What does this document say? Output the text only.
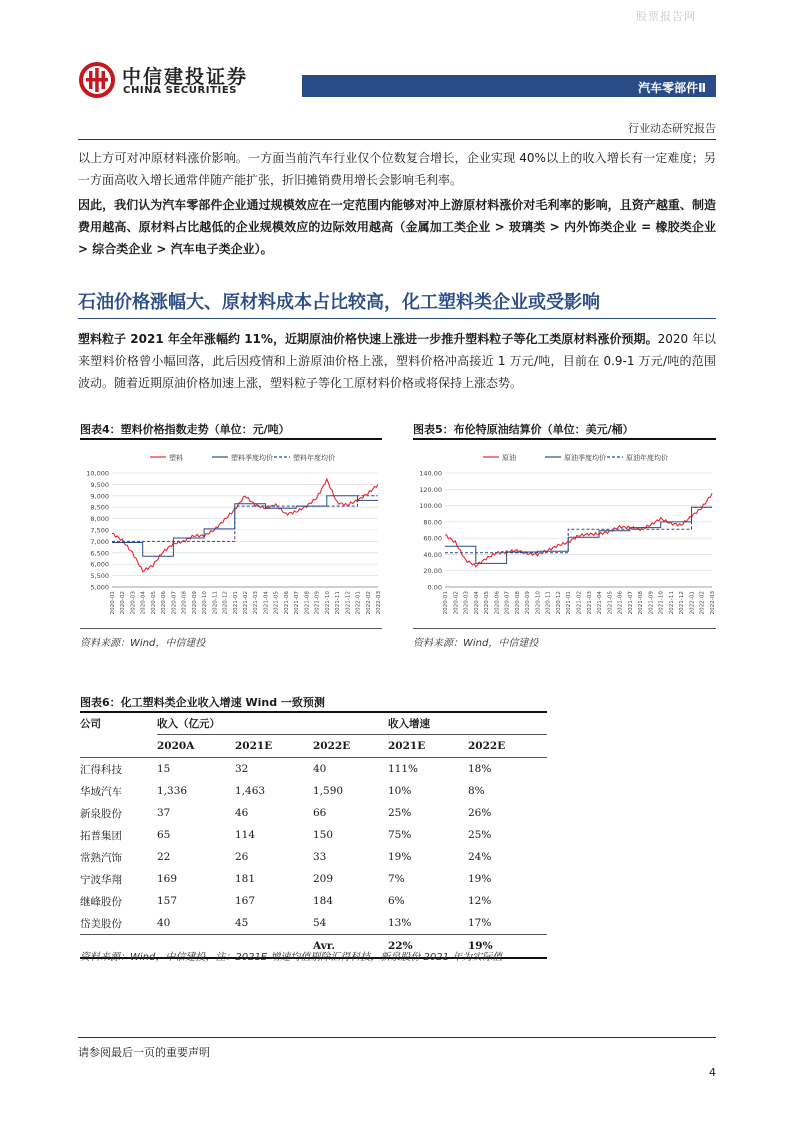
股票报告网
中信建投证券
CHINA SECURITIES	汽车零部件Ⅱ
行业动态研究报告
以上方可对冲原材料涨价影响。一方面当前汽车行业仅个位数复合增长，企业实现 40%以上的收入增长有一定难度；另一方面高收入增长通常伴随产能扩张，折旧摊销费用增长会影响毛利率。
因此，我们认为汽车零部件企业通过规模效应在一定范围内能够对冲上游原材料涨价对毛利率的影响，且资产越重、制造费用越高、原材料占比越低的企业规模效应的边际效用越高（金属加工类企业 > 玻璃类 > 内外饰类企业 = 橡胶类企业 > 综合类企业 > 汽车电子类企业）。
石油价格涨幅大、原材料成本占比较高，化工塑料类企业或受影响
塑料粒子 2021 年全年涨幅约 11%，近期原油价格快速上涨进一步推升塑料粒子等化工类原材料涨价预期。2020 年以来塑料价格曾小幅回落，此后因疫情和上游原油价格上涨，塑料价格冲高接近 1 万元/吨，目前在 0.9-1 万元/吨的范围波动。随着近期原油价格加速上涨，塑料粒子等化工原材料价格或将保持上涨态势。
图表4：塑料价格指数走势（单位：元/吨）
塑料	塑料季度均价	塑料年度均价
5,000
5,500
6,000
6,500
7,000
7,500
8,000
8,500
9,000
9,500
10,000
2020-01 2020-02 2020-03 2020-04 2020-05 2020-06 2020-07 2020-08 2020-09 2020-10 2020-11 2020-12 2021-01 2021-02 2021-03 2021-04 2021-05 2021-06 2021-07 2021-08 2021-09 2021-10 2021-11 2021-12 2022-01 2022-02 2022-03
资料来源：Wind，中信建投
图表5：布伦特原油结算价（单位：美元/桶）
原油	原油季度均价	原油年度均价
0.00
20.00
40.00
60.00
80.00
100.00
120.00
140.00
2020-01 2020-02 2020-03 2020-04 2020-05 2020-06 2020-07 2020-08 2020-09 2020-10 2020-11 2020-12 2021-01 2021-02 2021-03 2021-04 2021-05 2021-06 2021-07 2021-08 2021-09 2021-10 2021-11 2021-12 2022-01 2022-02 2022-03
资料来源：Wind，中信建投
图表6：化工塑料类企业收入增速 Wind 一致预测
公司	收入（亿元）			收入增速	
	2020A	2021E	2022E	2021E	2022E
汇得科技	15	32	40	111%	18%
华域汽车	1,336	1,463	1,590	10%	8%
新泉股份	37	46	66	25%	26%
拓普集团	65	114	150	75%	25%
常熟汽饰	22	26	33	19%	24%
宁波华翔	169	181	209	7%	19%
继峰股份	157	167	184	6%	12%
岱美股份	40	45	54	13%	17%
			Avr.	22%	19%
资料来源：Wind，中信建投，注：2021E 增速均值剔除汇得科技，新泉股份 2021 年为实际值
请参阅最后一页的重要声明
4
